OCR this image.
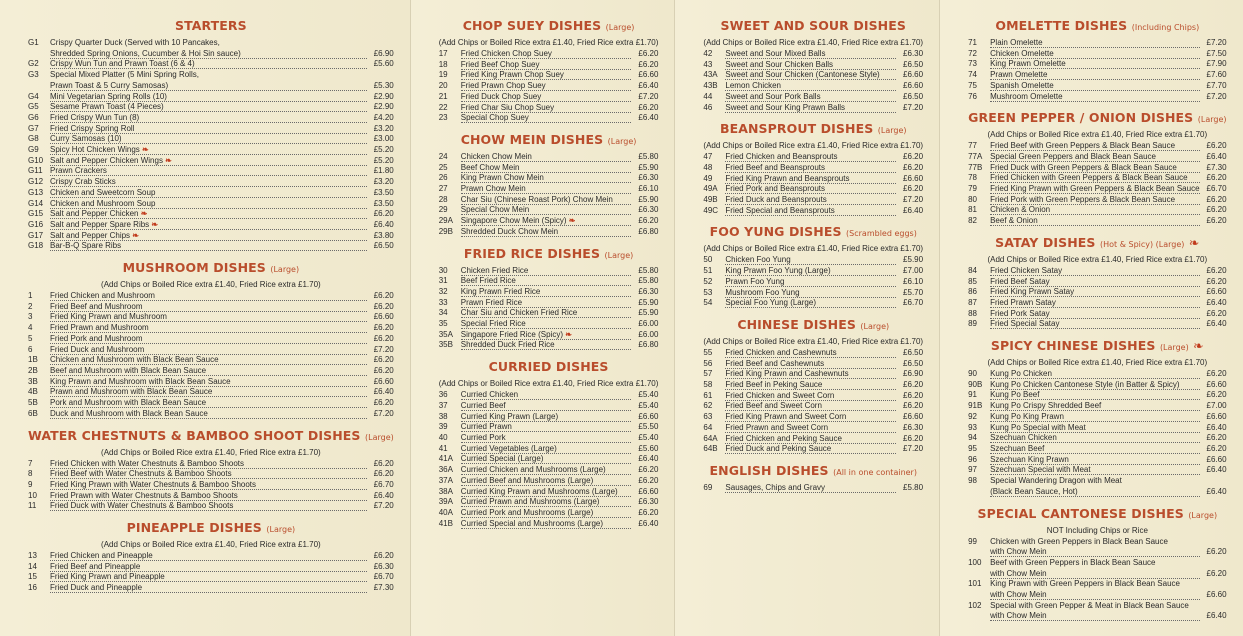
STARTERS
G1	Crispy Quarter Duck (Served with 10 Pancakes,
Shredded Spring Onions, Cucumber & Hoi Sin sauce)	£6.90
G2	Crispy Wun Tun and Prawn Toast (6 & 4)	£5.60
G3	Special Mixed Platter (5 Mini Spring Rolls,
Prawn Toast & 5 Curry Samosas)	£5.30
G4	Mini Vegetarian Spring Rolls (10)	£2.90
G5	Sesame Prawn Toast (4 Pieces)	£2.90
G6	Fried Crispy Wun Tun (8)	£4.20
G7	Fried Crispy Spring Roll	£3.20
G8	Curry Samosas (10)	£3.00
G9	Spicy Hot Chicken Wings ❧	£5.20
G10 Salt and Pepper Chicken Wings ❧	£5.20
G11 Prawn Crackers	£1.80
G12 Crispy Crab Sticks	£3.20
G13 Chicken and Sweetcorn Soup	£3.50
G14 Chicken and Mushroom Soup	£3.50
G15 Salt and Pepper Chicken ❧	£6.20
G16 Salt and Pepper Spare Ribs ❧	£6.40
G17 Salt and Pepper Chips ❧	£3.80
G18 Bar-B-Q Spare Ribs	£6.50
MUSHROOM DISHES (Large)
(Add Chips or Boiled Rice extra £1.40, Fried Rice extra £1.70)
1	Fried Chicken and Mushroom	£6.20
2	Fried Beef and Mushroom	£6.20
3	Fried King Prawn and Mushroom	£6.60
4	Fried Prawn and Mushroom	£6.20
5	Fried Pork and Mushroom	£6.20
6	Fried Duck and Mushroom	£7.20
1B	Chicken and Mushroom with Black Bean Sauce	£6.20
2B	Beef and Mushroom with Black Bean Sauce	£6.20
3B	King Prawn and Mushroom with Black Bean Sauce	£6.60
4B	Prawn and Mushroom with Black Bean Sauce	£6.40
5B	Pork and Mushroom with Black Bean Sauce	£6.20
6B	Duck and Mushroom with Black Bean Sauce	£7.20
WATER CHESTNUTS & BAMBOO SHOOT DISHES (Large)
(Add Chips or Boiled Rice extra £1.40, Fried Rice extra £1.70)
7	Fried Chicken with Water Chestnuts & Bamboo Shoots	£6.20
8	Fried Beef with Water Chestnuts & Bamboo Shoots	£6.20
9	Fried King Prawn with Water Chestnuts & Bamboo Shoots	£6.70
10	Fried Prawn with Water Chestnuts & Bamboo Shoots	£6.40
11	Fried Duck with Water Chestnuts & Bamboo Shoots	£7.20
PINEAPPLE DISHES (Large)
(Add Chips or Boiled Rice extra £1.40, Fried Rice extra £1.70)
13	Fried Chicken and Pineapple	£6.20
14	Fried Beef and Pineapple	£6.30
15	Fried King Prawn and Pineapple	£6.70
16	Fried Duck and Pineapple	£7.30
CHOP SUEY DISHES (Large)
(Add Chips or Boiled Rice extra £1.40, Fried Rice extra £1.70)
17	Fried Chicken Chop Suey	£6.20
18	Fried Beef Chop Suey	£6.20
19	Fried King Prawn Chop Suey	£6.60
20	Fried Prawn Chop Suey	£6.40
21	Fried Duck Chop Suey	£7.20
22	Fried Char Siu Chop Suey	£6.20
23	Special Chop Suey	£6.40
CHOW MEIN DISHES (Large)
24	Chicken Chow Mein	£5.80
25	Beef Chow Mein	£5.90
26	King Prawn Chow Mein	£6.30
27	Prawn Chow Mein	£6.10
28	Char Siu (Chinese Roast Pork) Chow Mein	£5.90
29	Special Chow Mein	£6.30
29A Singapore Chow Mein (Spicy) ❧	£6.20
29B Shredded Duck Chow Mein	£6.80
FRIED RICE DISHES (Large)
30	Chicken Fried Rice	£5.80
31	Beef Fried Rice	£5.80
32	King Prawn Fried Rice	£6.30
33	Prawn Fried Rice	£5.90
34	Char Siu and Chicken Fried Rice	£5.90
35	Special Fried Rice	£6.00
35A Singapore Fried Rice (Spicy) ❧	£6.00
35B Shredded Duck Fried Rice	£6.80
CURRIED DISHES
(Add Chips or Boiled Rice extra £1.40, Fried Rice extra £1.70)
36	Curried Chicken	£5.40
37	Curried Beef	£5.40
38	Curried King Prawn (Large)	£6.60
39	Curried Prawn	£5.50
40	Curried Pork	£5.40
41	Curried Vegetables (Large)	£5.60
41A Curried Special (Large)	£6.40
36A Curried Chicken and Mushrooms (Large)	£6.20
37A Curried Beef and Mushrooms (Large)	£6.20
38A Curried King Prawn and Mushrooms (Large)	£6.60
39A Curried Prawn and Mushrooms (Large)	£6.30
40A Curried Pork and Mushrooms (Large)	£6.20
41B Curried Special and Mushrooms (Large)	£6.40
SWEET AND SOUR DISHES
(Add Chips or Boiled Rice extra £1.40, Fried Rice extra £1.70)
42	Sweet and Sour Mixed Balls	£6.30
43	Sweet and Sour Chicken Balls	£6.50
43A Sweet and Sour Chicken (Cantonese Style)	£6.60
43B Lemon Chicken	£6.60
44	Sweet and Sour Pork Balls	£6.50
46	Sweet and Sour King Prawn Balls	£7.20
BEANSPROUT DISHES (Large)
(Add Chips or Boiled Rice extra £1.40, Fried Rice extra £1.70)
47	Fried Chicken and Beansprouts	£6.20
48	Fried Beef and Beansprouts	£6.20
49	Fried King Prawn and Beansprouts	£6.60
49A Fried Pork and Beansprouts	£6.20
49B Fried Duck and Beansprouts	£7.20
49C Fried Special and Beansprouts	£6.40
FOO YUNG DISHES (Scrambled eggs)
(Add Chips or Boiled Rice extra £1.40, Fried Rice extra £1.70)
50	Chicken Foo Yung	£5.90
51	King Prawn Foo Yung (Large)	£7.00
52	Prawn Foo Yung	£6.10
53	Mushroom Foo Yung	£5.70
54	Special Foo Yung (Large)	£6.70
CHINESE DISHES (Large)
(Add Chips or Boiled Rice extra £1.40, Fried Rice extra £1.70)
55	Fried Chicken and Cashewnuts	£6.50
56	Fried Beef and Cashewnuts	£6.50
57	Fried King Prawn and Cashewnuts	£6.90
58	Fried Beef in Peking Sauce	£6.20
61	Fried Chicken and Sweet Corn	£6.20
62	Fried Beef and Sweet Corn	£6.20
63	Fried King Prawn and Sweet Corn	£6.60
64	Fried Prawn and Sweet Corn	£6.30
64A Fried Chicken and Peking Sauce	£6.20
64B Fried Duck and Peking Sauce	£7.20
ENGLISH DISHES (All in one container)
69	Sausages, Chips and Gravy	£5.80
OMELETTE DISHES (Including Chips)
71	Plain Omelette	£7.20
72	Chicken Omelette	£7.50
73	King Prawn Omelette	£7.90
74	Prawn Omelette	£7.60
75	Spanish Omelette	£7.70
76	Mushroom Omelette	£7.20
GREEN PEPPER / ONION DISHES (Large)
(Add Chips or Boiled Rice extra £1.40, Fried Rice extra £1.70)
77	Fried Beef with Green Peppers & Black Bean Sauce	£6.20
77A Special Green Peppers and Black Bean Sauce	£6.40
77B Fried Duck with Green Peppers & Black Bean Sauce	£7.30
78	Fried Chicken with Green Peppers & Black Bean Sauce	£6.20
79	Fried King Prawn with Green Peppers & Black Bean Sauce £6.70
80	Fried Pork with Green Peppers & Black Bean Sauce	£6.20
81	Chicken & Onion	£6.20
82	Beef & Onion	£6.20
SATAY DISHES (Hot & Spicy) (Large) ❧
(Add Chips or Boiled Rice extra £1.40, Fried Rice extra £1.70)
84	Fried Chicken Satay	£6.20
85	Fried Beef Satay	£6.20
86	Fried King Prawn Satay	£6.60
87	Fried Prawn Satay	£6.40
88	Fried Pork Satay	£6.20
89	Fried Special Satay	£6.40
SPICY CHINESE DISHES (Large) ❧
(Add Chips or Boiled Rice extra £1.40, Fried Rice extra £1.70)
90	Kung Po Chicken	£6.20
90B Kung Po Chicken Cantonese Style (in Batter & Spicy)	£6.60
91	Kung Po Beef	£6.20
91B Kung Po Crispy Shredded Beef	£7.00
92	Kung Po King Prawn	£6.60
93	Kung Po Special with Meat	£6.40
94	Szechuan Chicken	£6.20
95	Szechuan Beef	£6.20
96	Szechuan King Prawn	£6.60
97	Szechuan Special with Meat	£6.40
98	Special Wandering Dragon with Meat
(Black Bean Sauce, Hot)	£6.40
SPECIAL CANTONESE DISHES (Large)
NOT Including Chips or Rice
99	Chicken with Green Peppers in Black Bean Sauce
with Chow Mein	£6.20
100	Beef with Green Peppers in Black Bean Sauce
with Chow Mein	£6.20
101	King Prawn with Green Peppers in Black Bean Sauce
with Chow Mein	£6.60
102	Special with Green Pepper & Meat in Black Bean Sauce
with Chow Mein	£6.40
